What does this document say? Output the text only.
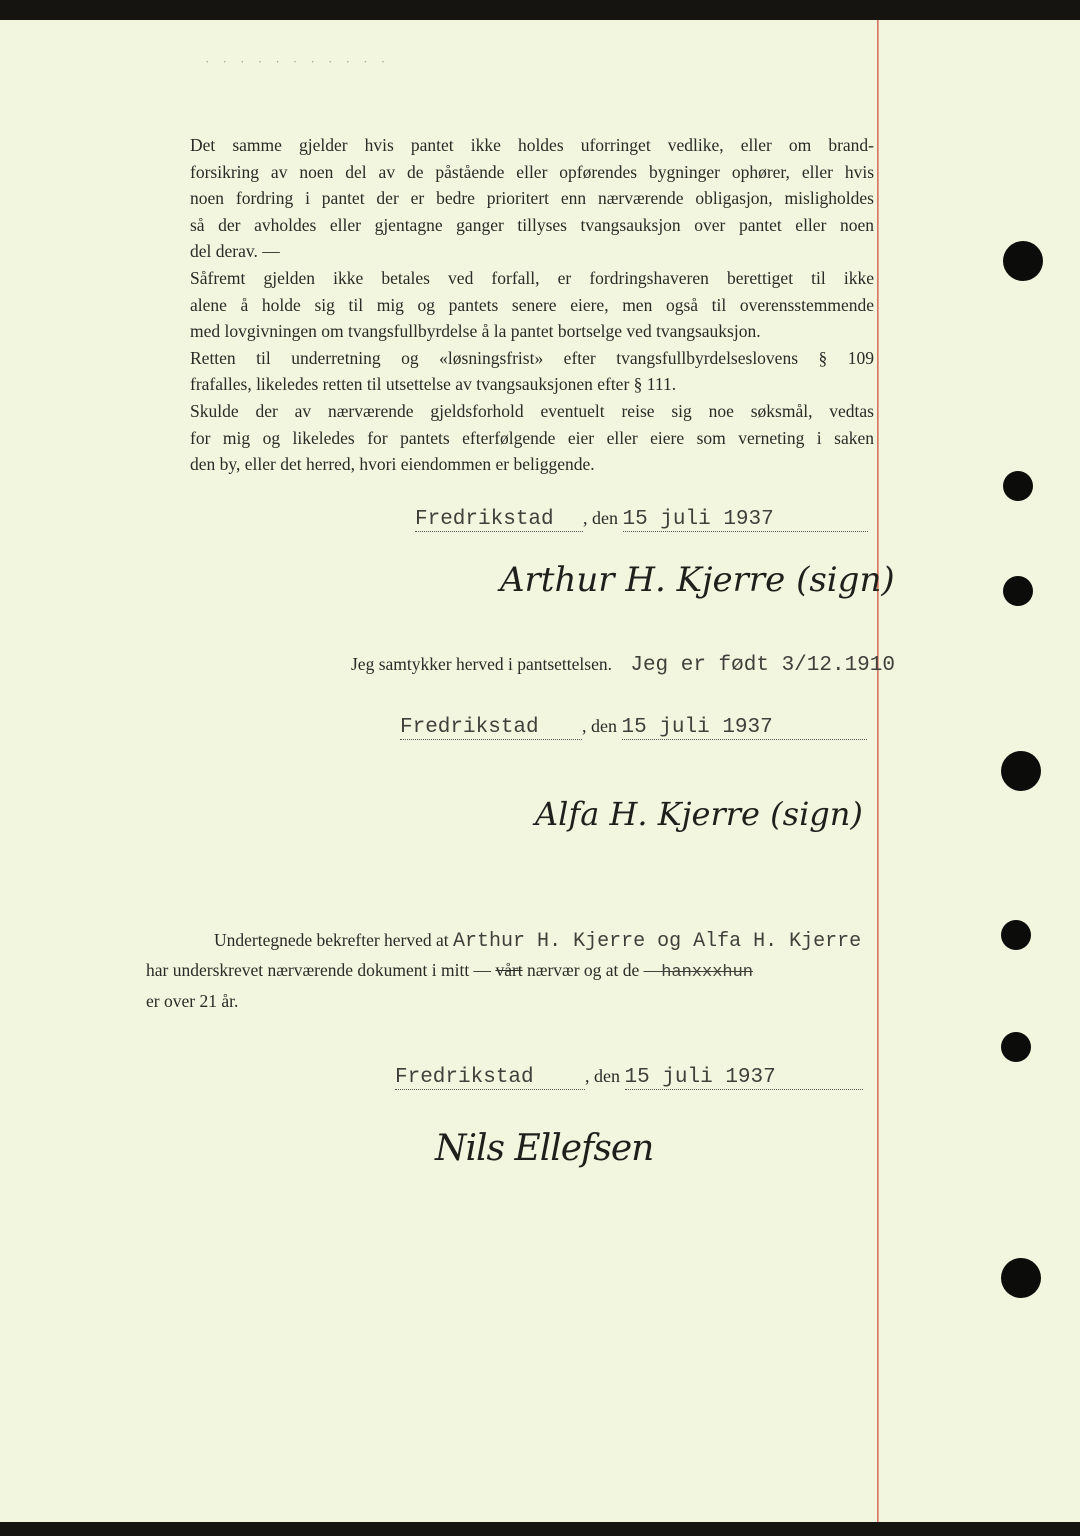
· · · · · · · · · · ·

Det samme gjelder hvis pantet ikke holdes uforringet vedlike, eller om brand-
forsikring av noen del av de påstående eller opførendes bygninger ophører, eller hvis
noen fordring i pantet der er bedre prioritert enn nærværende obligasjon, misligholdes
så der avholdes eller gjentagne ganger tillyses tvangsauksjon over pantet eller noen
del derav. —

Såfremt gjelden ikke betales ved forfall, er fordringshaveren berettiget til ikke
alene å holde sig til mig og pantets senere eiere, men også til overensstemmende
med lovgivningen om tvangsfullbyrdelse å la pantet bortselge ved tvangsauksjon.

Retten til underretning og «løsningsfrist» efter tvangsfullbyrdelseslovens § 109
frafalles, likeledes retten til utsettelse av tvangsauksjonen efter § 111.

Skulde der av nærværende gjeldsforhold eventuelt reise sig noe søksmål, vedtas
for mig og likeledes for pantets efterfølgende eier eller eiere som verneting i saken
den by, eller det herred, hvori eiendommen er beliggende.

Fredrikstad , den 15 juli 1937
Arthur H. Kjerre (sign)
Jeg samtykker herved i pantsettelsen. Jeg er født 3/12.1910
Fredrikstad , den 15 juli 1937
Alfa H. Kjerre (sign)
Undertegnede bekrefter herved at Arthur H. Kjerre og Alfa H. Kjerre
har underskrevet nærværende dokument i mitt — vårt nærvær og at de —hanxxxhun
er over 21 år.
Fredrikstad	, den 15 juli 1937
Nils Ellefsen
